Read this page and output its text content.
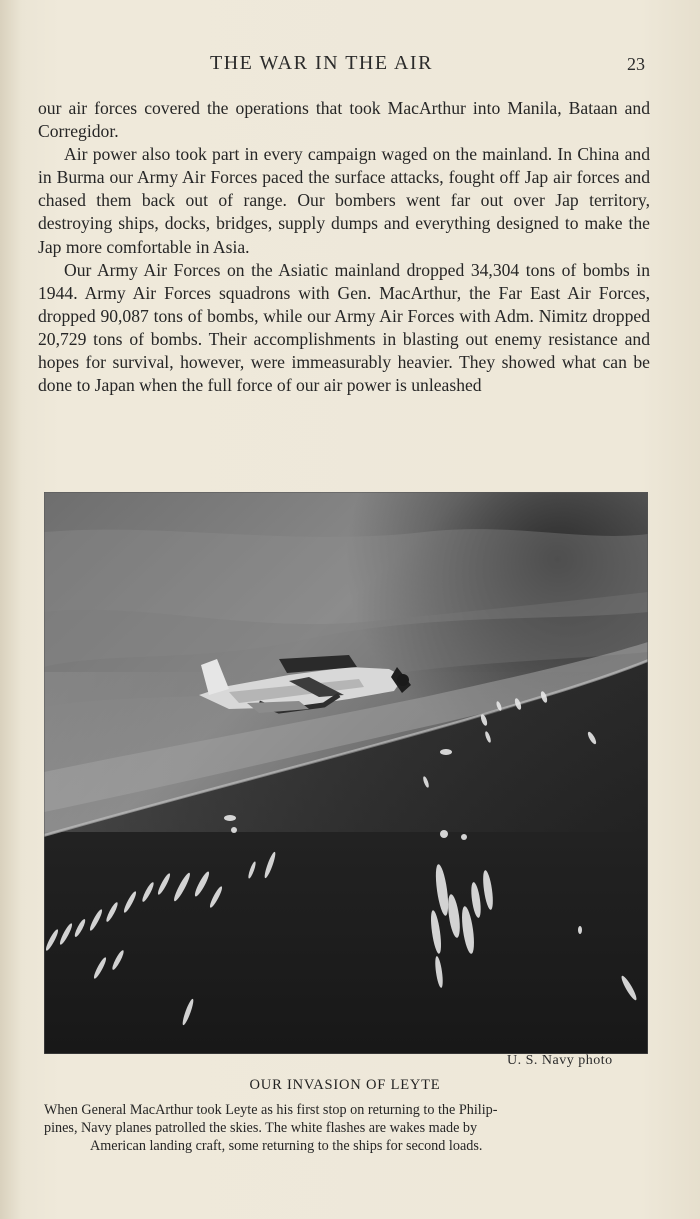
THE WAR IN THE AIR	23

our air forces covered the operations that took MacArthur into Manila, Bataan and Corregidor.

Air power also took part in every campaign waged on the mainland. In China and in Burma our Army Air Forces paced the surface attacks, fought off Jap air forces and chased them back out of range. Our bombers went far out over Jap territory, destroying ships, docks, bridges, supply dumps and everything designed to make the Jap more comfortable in Asia.

Our Army Air Forces on the Asiatic mainland dropped 34,304 tons of bombs in 1944. Army Air Forces squadrons with Gen. MacArthur, the Far East Air Forces, dropped 90,087 tons of bombs, while our Army Air Forces with Adm. Nimitz dropped 20,729 tons of bombs. Their accomplishments in blasting out enemy resistance and hopes for survival, however, were immeasurably heavier. They showed what can be done to Japan when the full force of our air power is unleashed

U. S. Navy photo
OUR INVASION OF LEYTE
When General MacArthur took Leyte as his first stop on returning to the Philip-
pines, Navy planes patrolled the skies. The white flashes are wakes made by
American landing craft, some returning to the ships for second loads.
